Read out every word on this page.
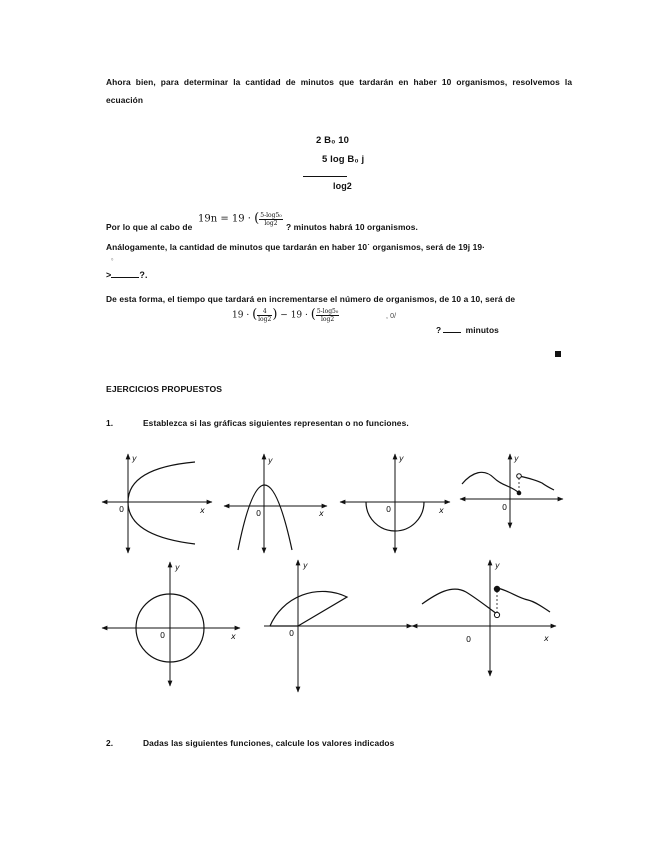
Ahora bien, para determinar la cantidad de minutos que tardarán en haber 10 organismos, resolvemos la
ecuación
2 B₀ 10
5 log B₀ j
log2
Por lo que al cabo de
19n = 19 · ( $\frac{\text{5-log5₀}}{\log 2}$
? minutos habrá 10 organismos.
Análogamente, la cantidad de minutos que tardarán en haber 10˙ organismos, será de 19j 19·
₀
>	?.
De esta forma, el tiempo que tardará en incrementarse el número de organismos, de 10 a 10, será de
19 · ( $\frac{4}{\log 2}$ ) − 19 · ( $\frac{\text{5-log5₀}}{\log 2}$	, 0/
?	minutos
EJERCICIOS PROPUESTOS
1.	Establezca si las gráficas siguientes representan o no funciones.
y
x
0
y
x
0
y
x
0
y
0
y
x
0
y
0
y
x
0
2.	Dadas las siguientes funciones, calcule los valores indicados
